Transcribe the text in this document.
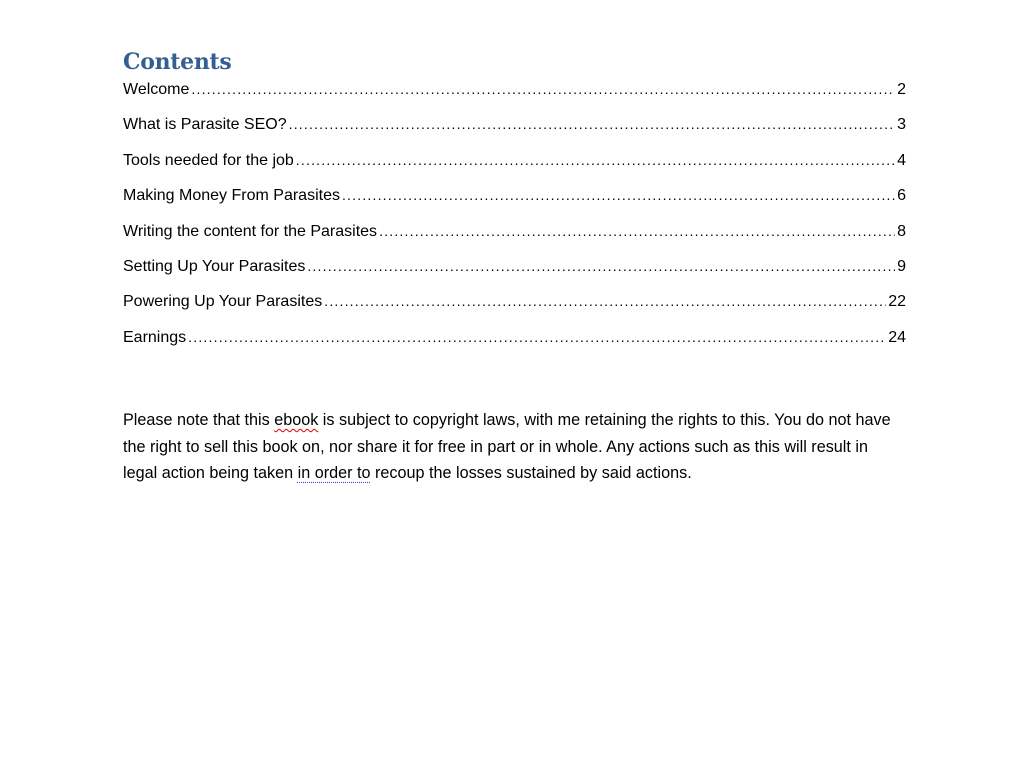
Contents
Welcome .....	2
What is Parasite SEO? .....	3
Tools needed for the job .....	4
Making Money From Parasites .....	6
Writing the content for the Parasites .....	8
Setting Up Your Parasites .....	9
Powering Up Your Parasites .....	22
Earnings .....	24

Please note that this ebook is subject to copyright laws, with me retaining the rights to this. You do not have the right to sell this book on, nor share it for free in part or in whole. Any actions such as this will result in legal action being taken in order to recoup the losses sustained by said actions.
